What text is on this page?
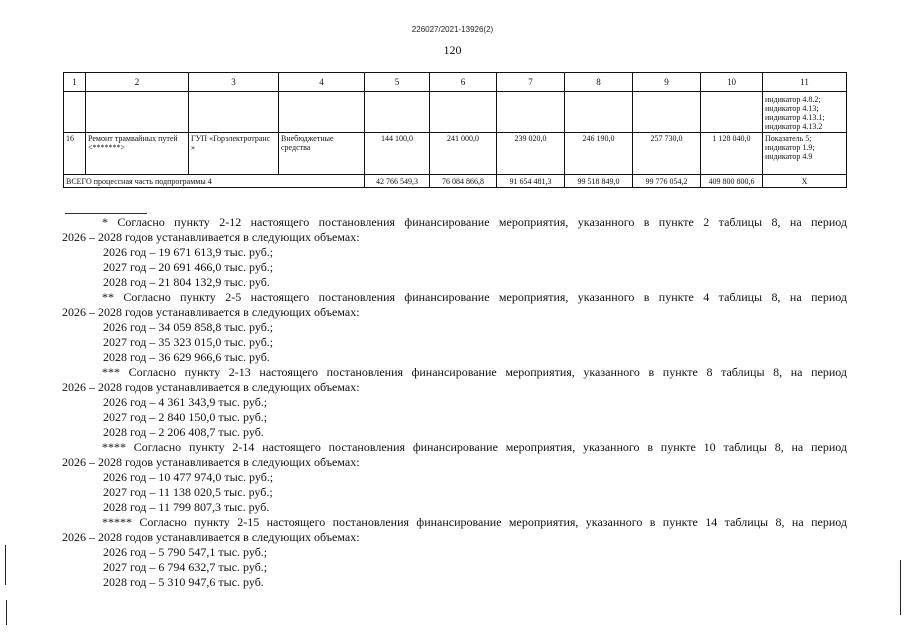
226027/2021-13926(2)
120
1	2	3	4	5	6	7	8	9	10	11
										индикатор 4.8.2; индикатор 4.13; индикатор 4.13.1; индикатор 4.13.2
16	Ремонт трамвайных путей <*******>	ГУП «Горэлектротранс »	Внебюджетные средства	144 100,0	241 000,0	239 020,0	246 190,0	257 730,0	1 128 040,0	Показатель 5; индикатор 1.9; индикатор 4.9
ВСЕГО процессная часть подпрограммы 4				42 766 549,3	76 084 866,8	91 654 481,3	99 518 849,0	99 776 054,2	409 800 800,6	Х

* Согласно пункту 2-12 настоящего постановления финансирование мероприятия, указанного в пункте 2 таблицы 8, на период

2026 – 2028 годов устанавливается в следующих объемах:

2026 год – 19 671 613,9 тыс. руб.;

2027 год – 20 691 466,0 тыс. руб.;

2028 год – 21 804 132,9 тыс. руб.

** Согласно пункту 2-5 настоящего постановления финансирование мероприятия, указанного в пункте 4 таблицы 8, на период

2026 – 2028 годов устанавливается в следующих объемах:

2026 год – 34 059 858,8 тыс. руб.;

2027 год – 35 323 015,0 тыс. руб.;

2028 год – 36 629 966,6 тыс. руб.

*** Согласно пункту 2-13 настоящего постановления финансирование мероприятия, указанного в пункте 8 таблицы 8, на период

2026 – 2028 годов устанавливается в следующих объемах:

2026 год – 4 361 343,9 тыс. руб.;

2027 год – 2 840 150,0 тыс. руб.;

2028 год – 2 206 408,7 тыс. руб.

**** Согласно пункту 2-14 настоящего постановления финансирование мероприятия, указанного в пункте 10 таблицы 8, на период

2026 – 2028 годов устанавливается в следующих объемах:

2026 год – 10 477 974,0 тыс. руб.;

2027 год – 11 138 020,5 тыс. руб.;

2028 год – 11 799 807,3 тыс. руб.

***** Согласно пункту 2-15 настоящего постановления финансирование мероприятия, указанного в пункте 14 таблицы 8, на период

2026 – 2028 годов устанавливается в следующих объемах:

2026 год – 5 790 547,1 тыс. руб.;

2027 год – 6 794 632,7 тыс. руб.;

2028 год – 5 310 947,6 тыс. руб.
